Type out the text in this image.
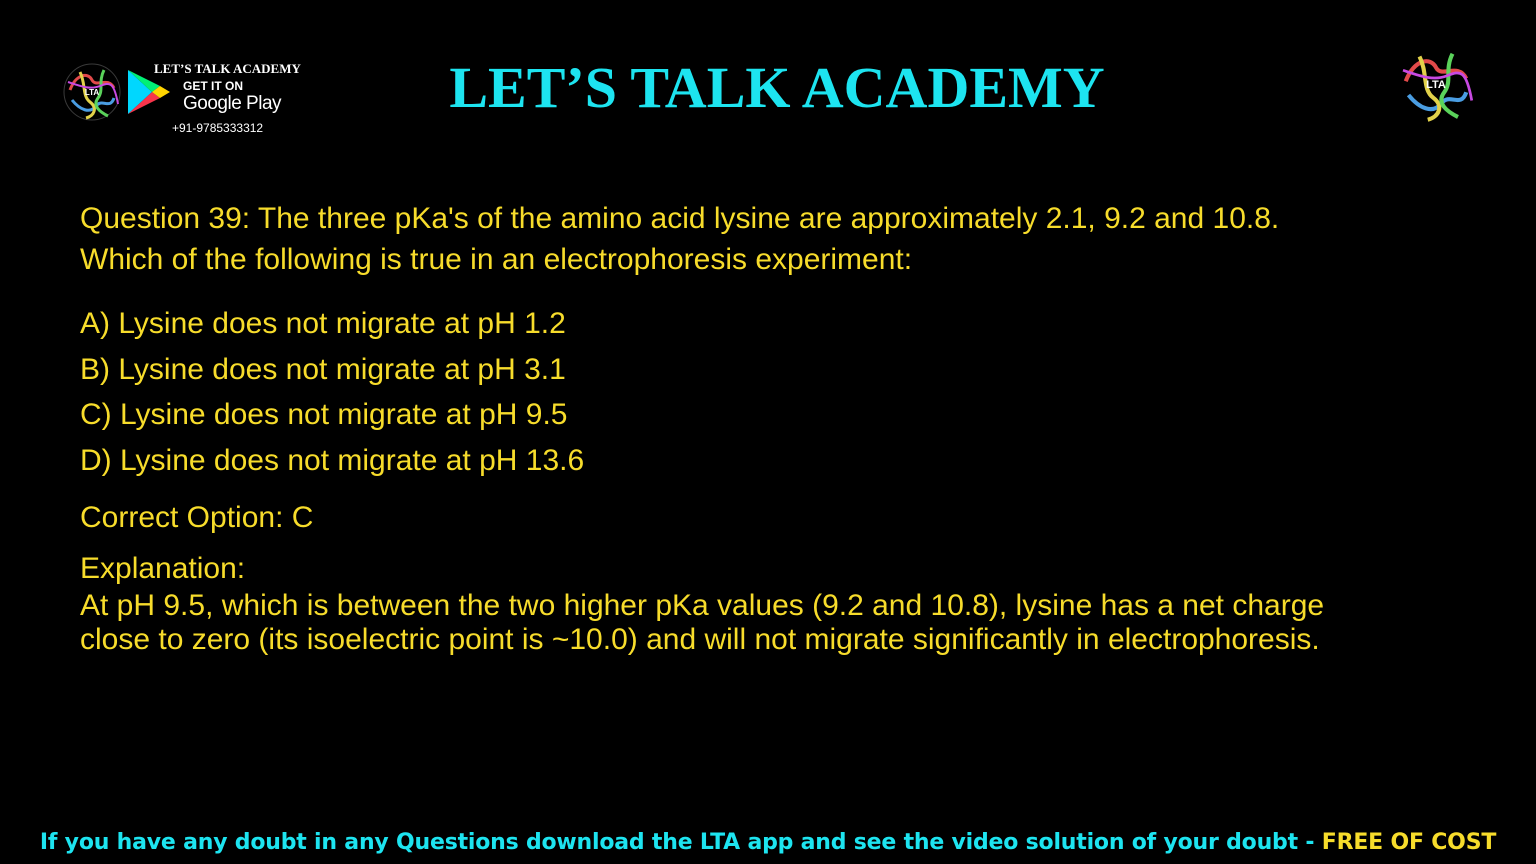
LTA
LET’S TALK ACADEMY
GET IT ON
Google Play
+91-9785333312
LET’S TALK ACADEMY	LTA

Question 39: The three pKa's of the amino acid lysine are approximately 2.1, 9.2 and 10.8.
Which of the following is true in an electrophoresis experiment:

A) Lysine does not migrate at pH 1.2
B) Lysine does not migrate at pH 3.1
C) Lysine does not migrate at pH 9.5
D) Lysine does not migrate at pH 13.6

Correct Option: C

Explanation:

At pH 9.5, which is between the two higher pKa values (9.2 and 10.8), lysine has a net charge
close to zero (its isoelectric point is ~10.0) and will not migrate significantly in electrophoresis.

If you have any doubt in any Questions download the LTA app and see the video solution of your doubt - FREE OF COST
